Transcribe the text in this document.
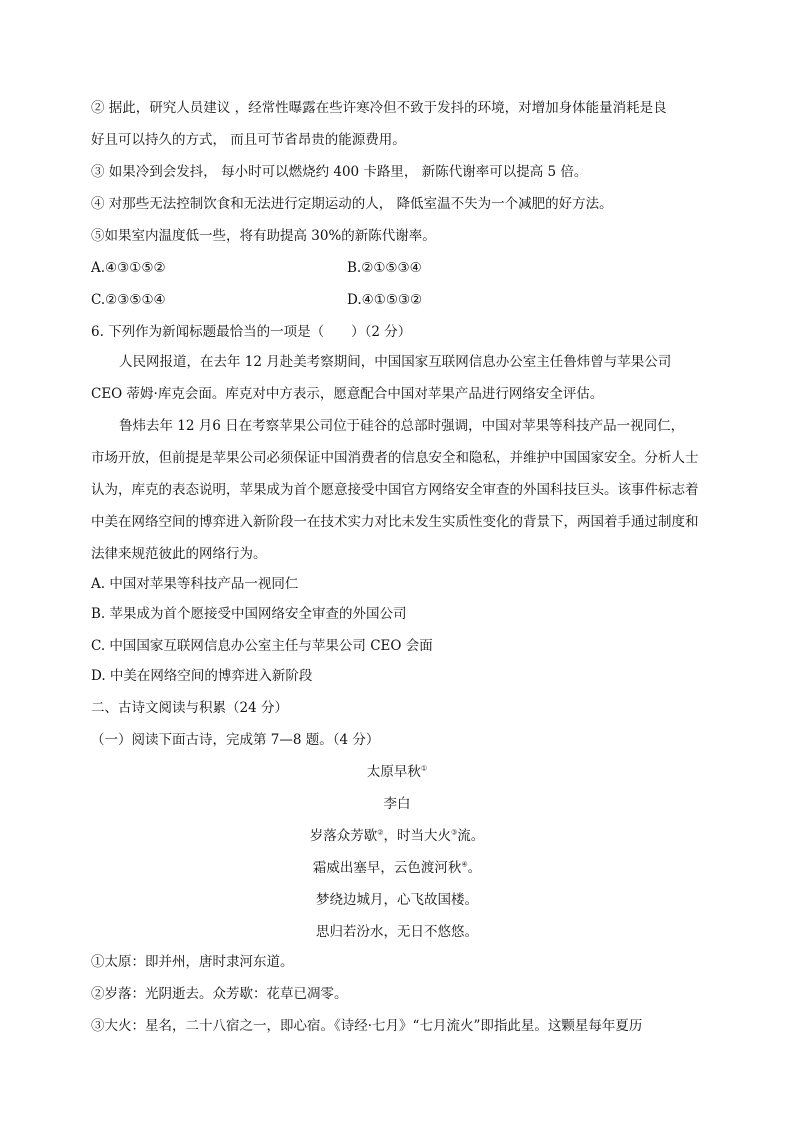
② 据此，研究人员建议 ，经常性曝露在些许寒冷但不致于发抖的环境，对增加身体能量消耗是良
好且可以持久的方式， 而且可节省昂贵的能源费用。
③ 如果冷到会发抖， 每小时可以燃烧约 400 卡路里， 新陈代谢率可以提高 5 倍。
④ 对那些无法控制饮食和无法进行定期运动的人， 降低室温不失为一个减肥的好方法。
⑤如果室内温度低一些，将有助提高 30%的新陈代谢率。
A.④③①⑤②	B.②①⑤③④
C.②③⑤①④	D.④①⑤③②
6. 下列作为新闻标题最恰当的一项是（　　）（2 分）
人民网报道，在去年 12 月赴美考察期间，中国国家互联网信息办公室主任鲁炜曾与苹果公司
CEO 蒂姆·库克会面。库克对中方表示，愿意配合中国对苹果产品进行网络安全评估。
鲁炜去年 12 月6 日在考察苹果公司位于硅谷的总部时强调，中国对苹果等科技产品一视同仁，
市场开放，但前提是苹果公司必须保证中国消费者的信息安全和隐私，并维护中国国家安全。分析人士
认为，库克的表态说明，苹果成为首个愿意接受中国官方网络安全审查的外国科技巨头。该事件标志着
中美在网络空间的博弈进入新阶段一在技术实力对比未发生实质性变化的背景下，两国着手通过制度和
法律来规范彼此的网络行为。
A. 中国对苹果等科技产品一视同仁
B. 苹果成为首个愿接受中国网络安全审查的外国公司
C. 中国国家互联网信息办公室主任与苹果公司 CEO 会面
D. 中美在网络空间的博弈进入新阶段
二、古诗文阅读与积累（24 分）
（一）阅读下面古诗，完成第 7—8 题。（4 分）
太原早秋①
李白
岁落众芳歇②，时当大火③流。
霜威出塞早，云色渡河秋④。
梦绕边城月，心飞故国楼。
思归若汾水，无日不悠悠。
①太原：即并州，唐时隶河东道。
②岁落：光阴逝去。众芳歇：花草已凋零。
③大火：星名，二十八宿之一，即心宿。《诗经·七月》“七月流火”即指此星。这颗星每年夏历
